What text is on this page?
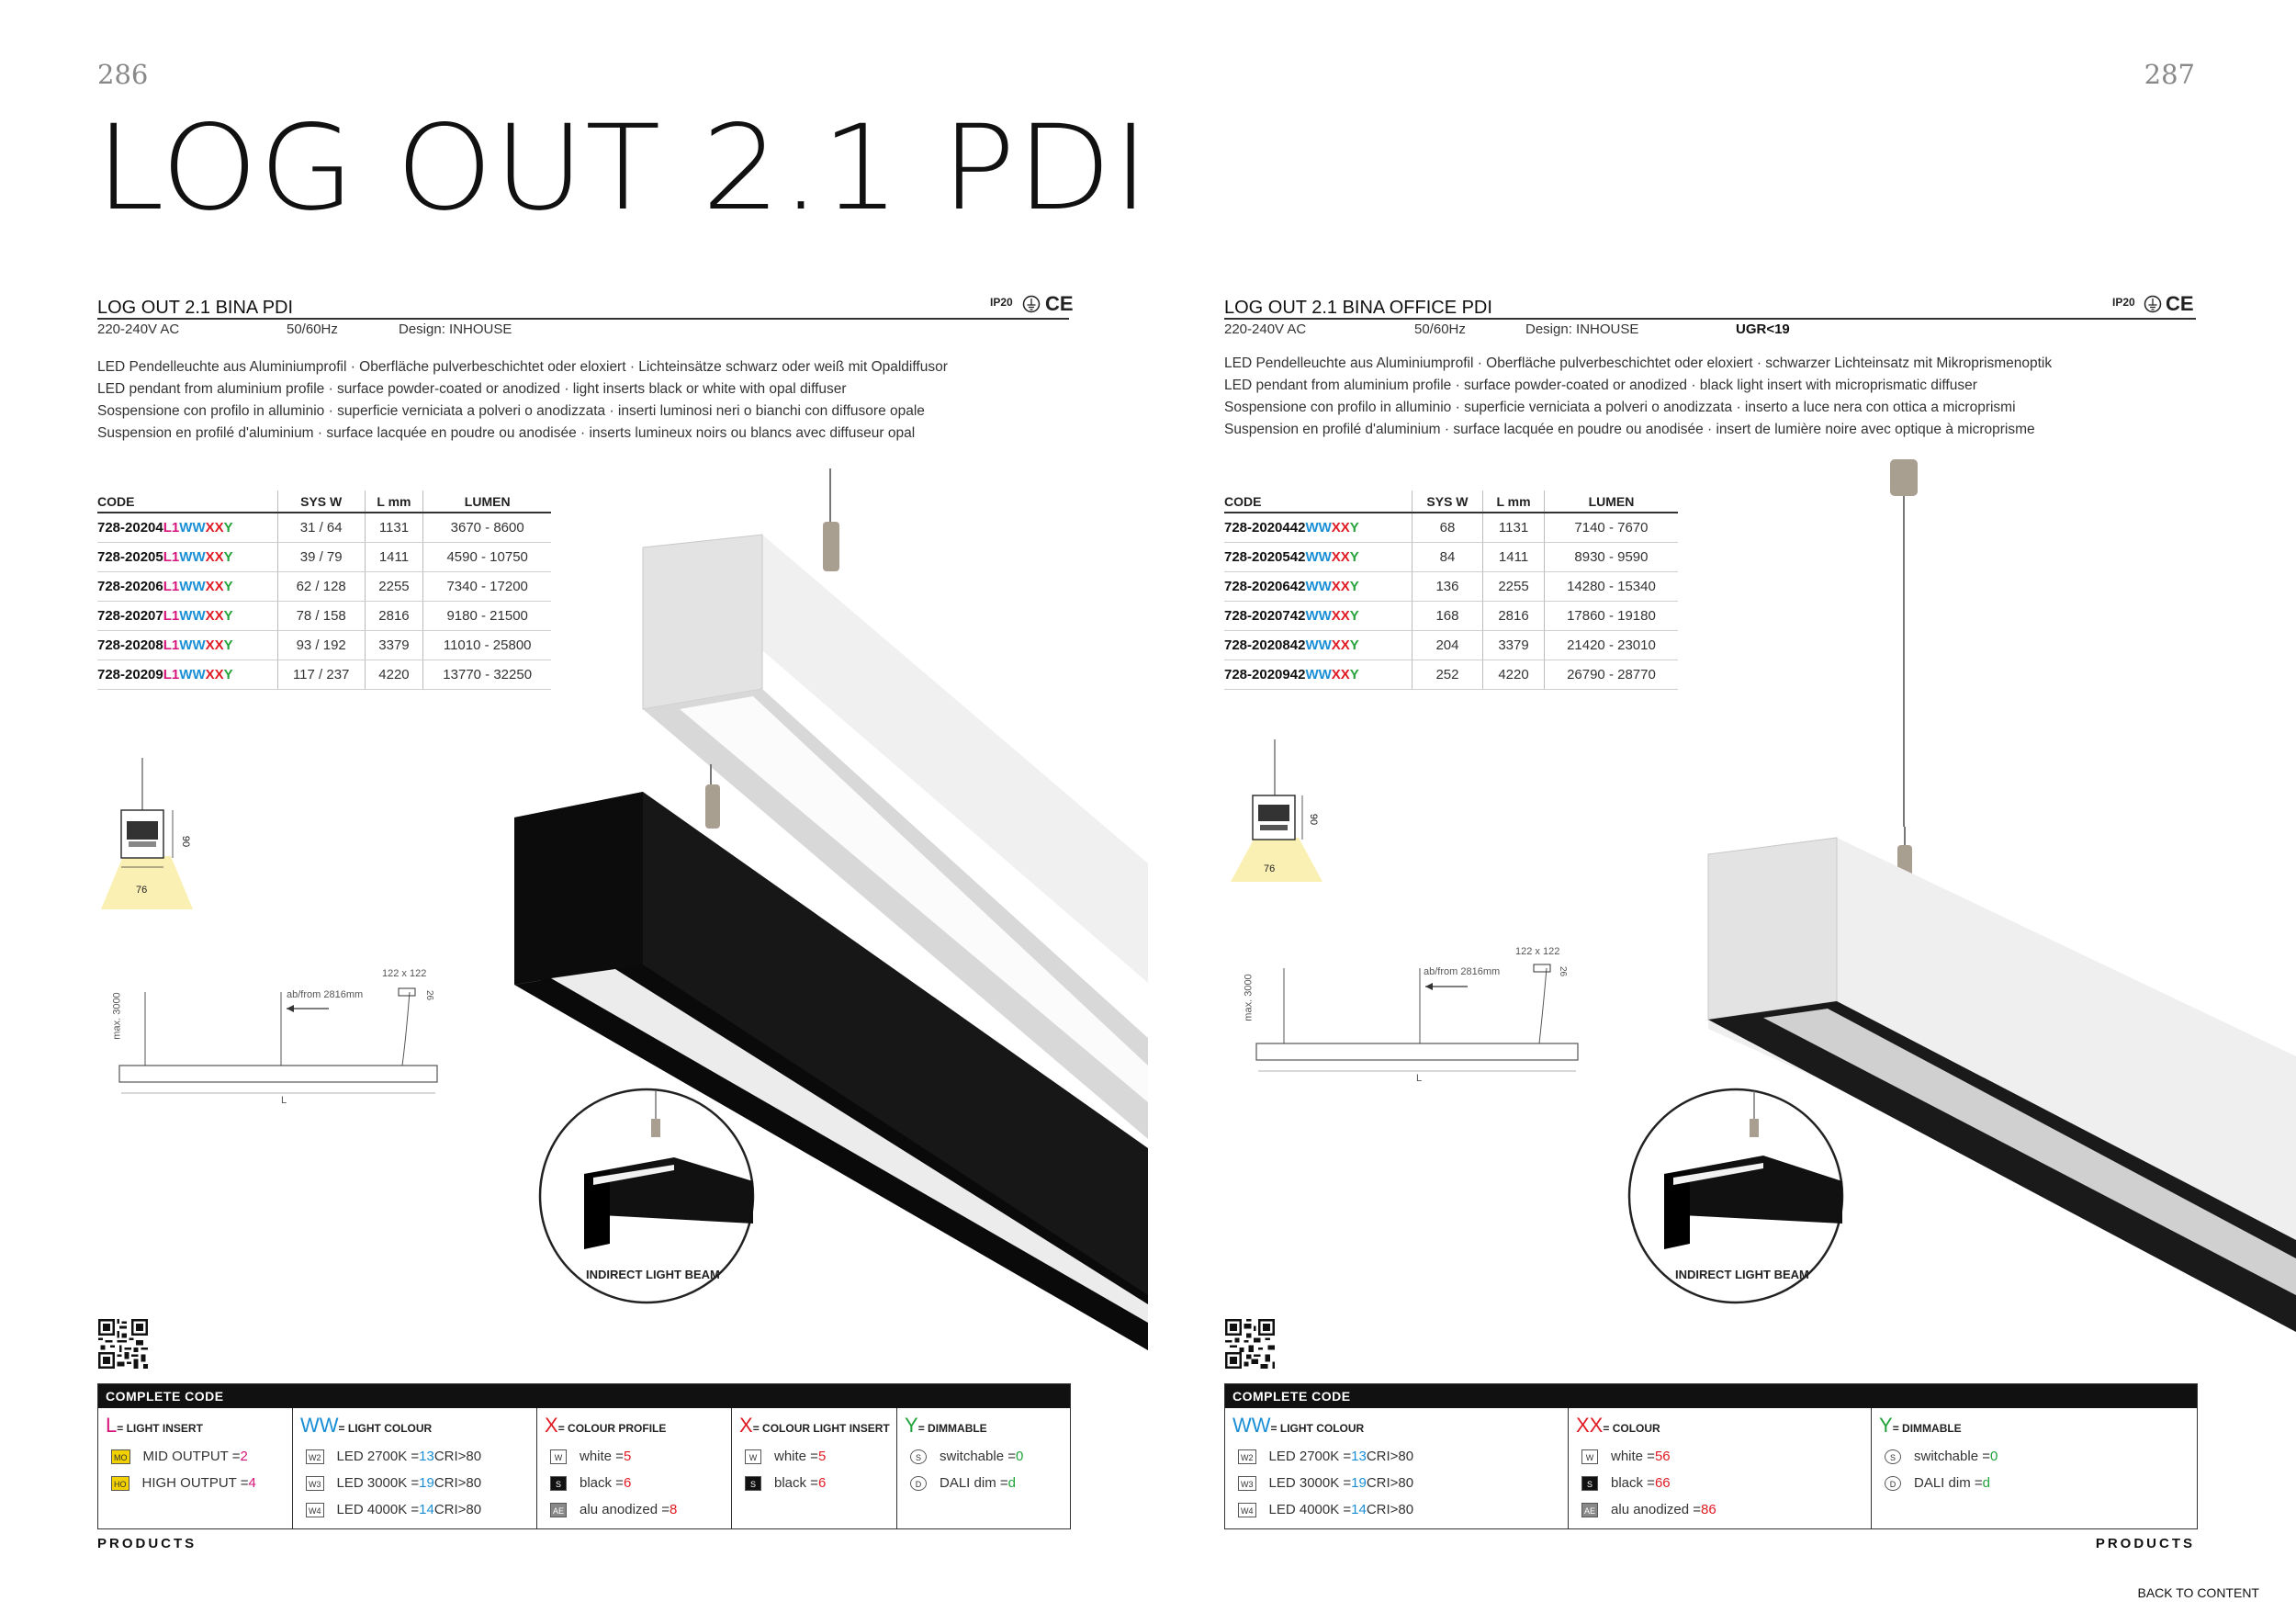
286	287
LOG OUT 2.1 PDI
LOG OUT 2.1 BINA PDI	IP20 CE
220-240V AC	50/60Hz	Design: INHOUSE
LED Pendelleuchte aus Aluminiumprofil · Oberfläche pulverbeschichtet oder eloxiert · Lichteinsätze schwarz oder weiß mit Opaldiffusor
LED pendant from aluminium profile · surface powder-coated or anodized · light inserts black or white with opal diffuser
Sospensione con profilo in alluminio · superficie verniciata a polveri o anodizzata · inserti luminosi neri o bianchi con diffusore opale
Suspension en profilé d'aluminium · surface lacquée en poudre ou anodisée · inserts lumineux noirs ou blancs avec diffuseur opal
CODE	SYS W	L mm	LUMEN
728-20204L1WWXXY	31 / 64	1131	3670 - 8600
728-20205L1WWXXY	39 / 79	1411	4590 - 10750
728-20206L1WWXXY	62 / 128	2255	7340 - 17200
728-20207L1WWXXY	78 / 158	2816	9180 - 21500
728-20208L1WWXXY	93 / 192	3379	11010 - 25800
728-20209L1WWXXY	117 / 237	4220	13770 - 32250
90
76
max. 3000	ab/from 2816mm
122 x 122
26
L
INDIRECT LIGHT BEAM
COMPLETE CODE
L= LIGHT INSERT
MO MID OUTPUT = 2
HO HIGH OUTPUT = 4
WW= LIGHT COLOUR
W2 LED 2700K = 13 CRI>80
W3 LED 3000K = 19 CRI>80
W4 LED 4000K = 14 CRI>80
X= COLOUR PROFILE
W	white = 5
S	black = 6
AE alu anodized = 8
X= COLOUR LIGHT INSERT
W	white = 5
S	black = 6
Y= DIMMABLE
S	switchable = 0
D	DALI dim = d
PRODUCTS
LOG OUT 2.1 BINA OFFICE PDI	IP20 CE
220-240V AC	50/60Hz	Design: INHOUSE	UGR<19
LED Pendelleuchte aus Aluminiumprofil · Oberfläche pulverbeschichtet oder eloxiert · schwarzer Lichteinsatz mit Mikroprismenoptik
LED pendant from aluminium profile · surface powder-coated or anodized · black light insert with microprismatic diffuser
Sospensione con profilo in alluminio · superficie verniciata a polveri o anodizzata · inserto a luce nera con ottica a microprismi
Suspension en profilé d'aluminium · surface lacquée en poudre ou anodisée · insert de lumière noire avec optique à microprisme
CODE	SYS W	L mm	LUMEN
728-2020442WWXXY	68	1131	7140 - 7670
728-2020542WWXXY	84	1411	8930 - 9590
728-2020642WWXXY	136	2255	14280 - 15340
728-2020742WWXXY	168	2816	17860 - 19180
728-2020842WWXXY	204	3379	21420 - 23010
728-2020942WWXXY	252	4220	26790 - 28770
90
76
max. 3000
ab/from 2816mm
122 x 122
26
L
INDIRECT LIGHT BEAM
COMPLETE CODE
WW= LIGHT COLOUR
W2 LED 2700K = 13 CRI>80
W3 LED 3000K = 19 CRI>80
W4 LED 4000K = 14 CRI>80
XX= COLOUR
W	white = 56
S	black = 66
AE alu anodized = 86
Y= DIMMABLE
S	switchable = 0
D	DALI dim = d
PRODUCTS
BACK TO CONTENT
